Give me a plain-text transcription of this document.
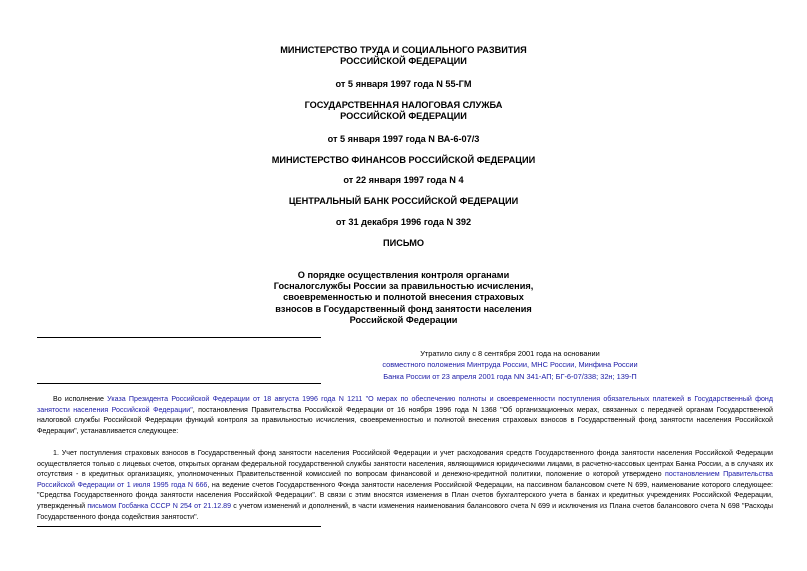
МИНИСТЕРСТВО ТРУДА И СОЦИАЛЬНОГО РАЗВИТИЯ
РОССИЙСКОЙ ФЕДЕРАЦИИ
от 5 января 1997 года N 55-ГМ
ГОСУДАРСТВЕННАЯ НАЛОГОВАЯ СЛУЖБА
РОССИЙСКОЙ ФЕДЕРАЦИИ
от 5 января 1997 года N ВА-6-07/3
МИНИСТЕРСТВО ФИНАНСОВ РОССИЙСКОЙ ФЕДЕРАЦИИ
от 22 января 1997 года N 4
ЦЕНТРАЛЬНЫЙ БАНК РОССИЙСКОЙ ФЕДЕРАЦИИ
от 31 декабря 1996 года N 392
ПИСЬМО
О порядке осуществления контроля органами
Госналогслужбы России за правильностью исчисления,
своевременностью и полнотой внесения страховых
взносов в Государственный фонд занятости населения
Российской Федерации
Утратило силу с 8 сентября 2001 года на основании
совместного положения Минтруда России, МНС России, Минфина России
Банка России от 23 апреля 2001 года NN 341-АП; БГ-6-07/338; 32н; 139-П
Во исполнение Указа Президента Российской Федерации от 18 августа 1996 года N 1211 "О мерах по обеспечению полноты и своевременности поступления обязательных платежей в Государственный фонд занятости населения Российской Федерации", постановления Правительства Российской Федерации от 16 ноября 1996 года N 1368 "Об организационных мерах, связанных с передачей органам Государственной налоговой службы Российской Федерации функций контроля за правильностью исчисления, своевременностью и полнотой внесения страховых взносов в Государственный фонд занятости населения Российской Федерации", устанавливается следующее:
1. Учет поступления страховых взносов в Государственный фонд занятости населения Российской Федерации и учет расходования средств Государственного фонда занятости населения Российской Федерации осуществляется только с лицевых счетов, открытых органам федеральной государственной службы занятости населения, являющимися юридическими лицами, в расчетно-кассовых центрах Банка России, а в случаях их отсутствия - в кредитных организациях, уполномоченных Правительственной комиссией по вопросам финансовой и денежно-кредитной политики, положение о которой утверждено постановлением Правительства Российской Федерации от 1 июля 1995 года N 666, на ведение счетов Государственного Фонда занятости населения Российской Федерации, на пассивном балансовом счете N 699, наименование которого следующее: "Средства Государственного фонда занятости населения Российской Федерации". В связи с этим вносятся изменения в План счетов бухгалтерского учета в банках и кредитных учреждениях Российской Федерации, утвержденный письмом Госбанка СССР N 254 от 21.12.89 с учетом изменений и дополнений, в части изменения наименования балансового счета N 699 и исключения из Плана счетов балансового счета N 698 "Расходы Государственного фонда содействия занятости".
